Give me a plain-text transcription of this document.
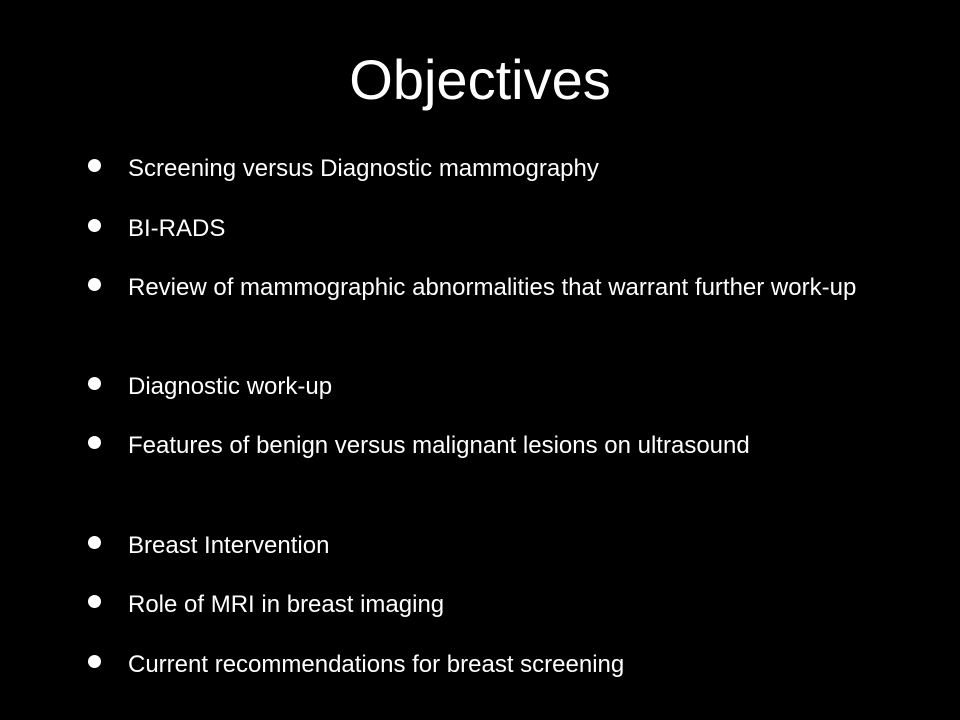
Objectives
Screening versus Diagnostic mammography
BI-RADS
Review of mammographic abnormalities that warrant further work-up
Diagnostic work-up
Features of benign versus malignant lesions on ultrasound
Breast Intervention
Role of MRI in breast imaging
Current recommendations for breast screening
